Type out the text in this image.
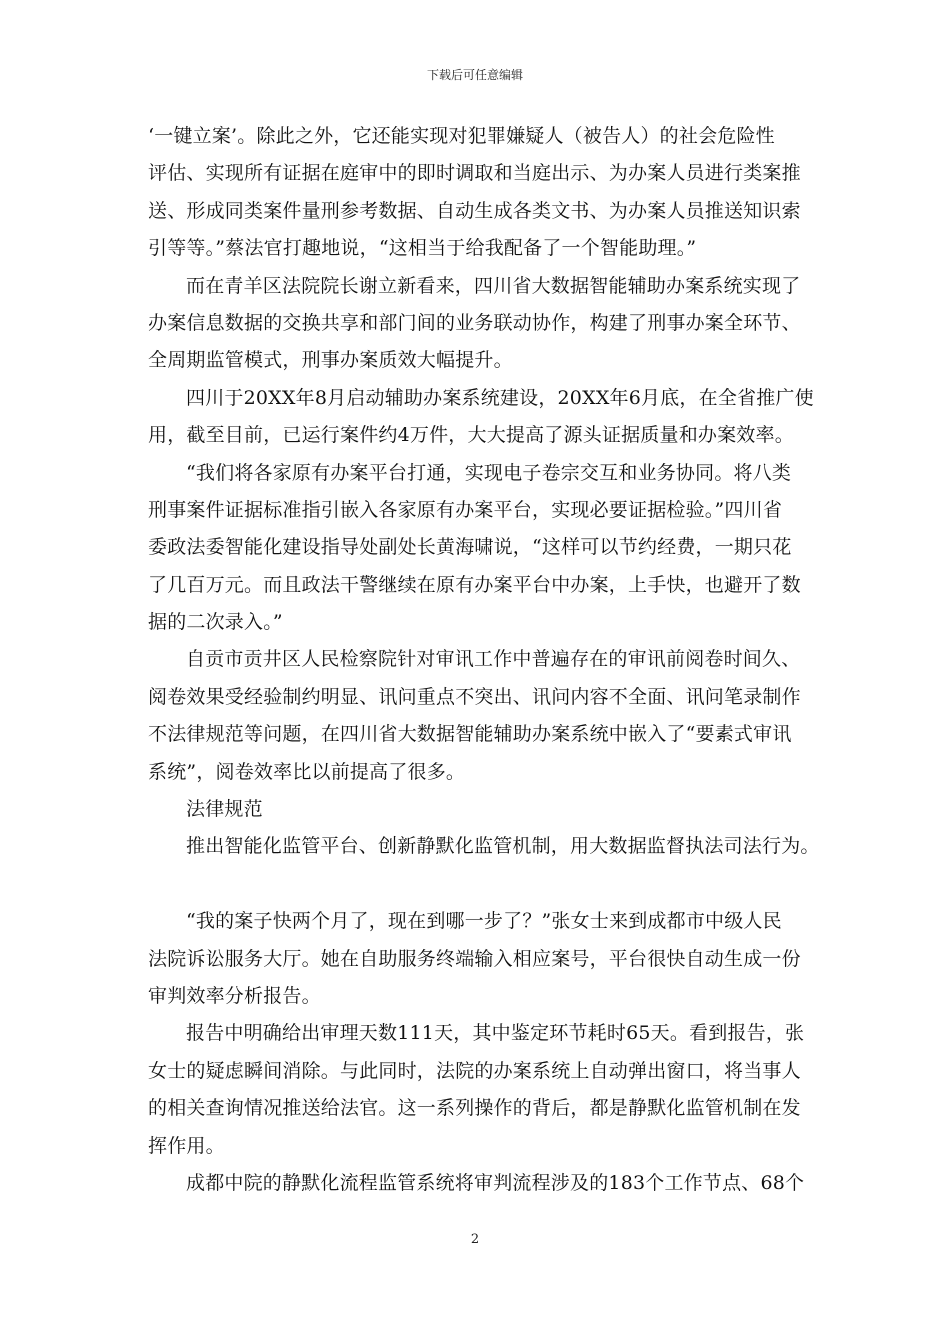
下载后可任意编辑
‘一键立案’。除此之外，它还能实现对犯罪嫌疑人（被告人）的社会危险性
评估、实现所有证据在庭审中的即时调取和当庭出示、为办案人员进行类案推
送、形成同类案件量刑参考数据、自动生成各类文书、为办案人员推送知识索
引等等。”蔡法官打趣地说，“这相当于给我配备了一个智能助理。”
而在青羊区法院院长谢立新看来，四川省大数据智能辅助办案系统实现了
办案信息数据的交换共享和部门间的业务联动协作，构建了刑事办案全环节、
全周期监管模式，刑事办案质效大幅提升。
四川于20XX年8月启动辅助办案系统建设，20XX年6月底，在全省推广使
用，截至目前，已运行案件约4万件，大大提高了源头证据质量和办案效率。
“我们将各家原有办案平台打通，实现电子卷宗交互和业务协同。将八类
刑事案件证据标准指引嵌入各家原有办案平台，实现必要证据检验。”四川省
委政法委智能化建设指导处副处长黄海啸说，“这样可以节约经费，一期只花
了几百万元。而且政法干警继续在原有办案平台中办案，上手快，也避开了数
据的二次录入。”
自贡市贡井区人民检察院针对审讯工作中普遍存在的审讯前阅卷时间久、
阅卷效果受经验制约明显、讯问重点不突出、讯问内容不全面、讯问笔录制作
不法律规范等问题，在四川省大数据智能辅助办案系统中嵌入了“要素式审讯
系统”，阅卷效率比以前提高了很多。
法律规范
推出智能化监管平台、创新静默化监管机制，用大数据监督执法司法行为。
“我的案子快两个月了，现在到哪一步了？”张女士来到成都市中级人民
法院诉讼服务大厅。她在自助服务终端输入相应案号，平台很快自动生成一份
审判效率分析报告。
报告中明确给出审理天数111天，其中鉴定环节耗时65天。看到报告，张
女士的疑虑瞬间消除。与此同时，法院的办案系统上自动弹出窗口，将当事人
的相关查询情况推送给法官。这一系列操作的背后，都是静默化监管机制在发
挥作用。
成都中院的静默化流程监管系统将审判流程涉及的183个工作节点、68个
2
